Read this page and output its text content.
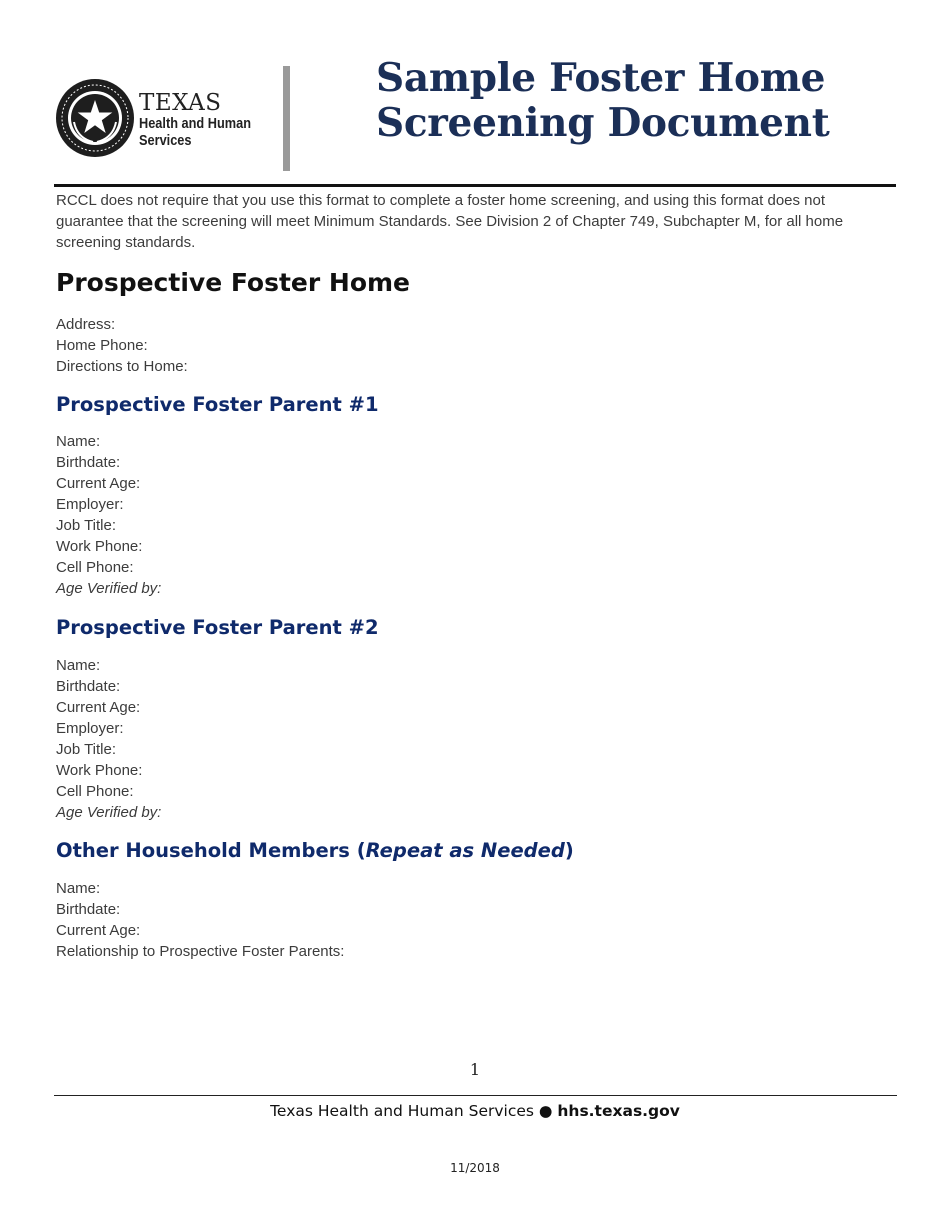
TEXAS
Health and Human
Services
Sample Foster Home
Screening Document

RCCL does not require that you use this format to complete a foster home screening, and using this format does not guarantee that the screening will meet Minimum Standards. See Division 2 of Chapter 749, Subchapter M, for all home screening standards.

Prospective Foster Home
Address:
Home Phone:
Directions to Home:
Prospective Foster Parent #1
Name:
Birthdate:
Current Age:
Employer:
Job Title:
Work Phone:
Cell Phone:
Age Verified by:
Prospective Foster Parent #2
Name:
Birthdate:
Current Age:
Employer:
Job Title:
Work Phone:
Cell Phone:
Age Verified by:
Other Household Members (Repeat as Needed)
Name:
Birthdate:
Current Age:
Relationship to Prospective Foster Parents:
1
Texas Health and Human Services ● hhs.texas.gov
11/2018
